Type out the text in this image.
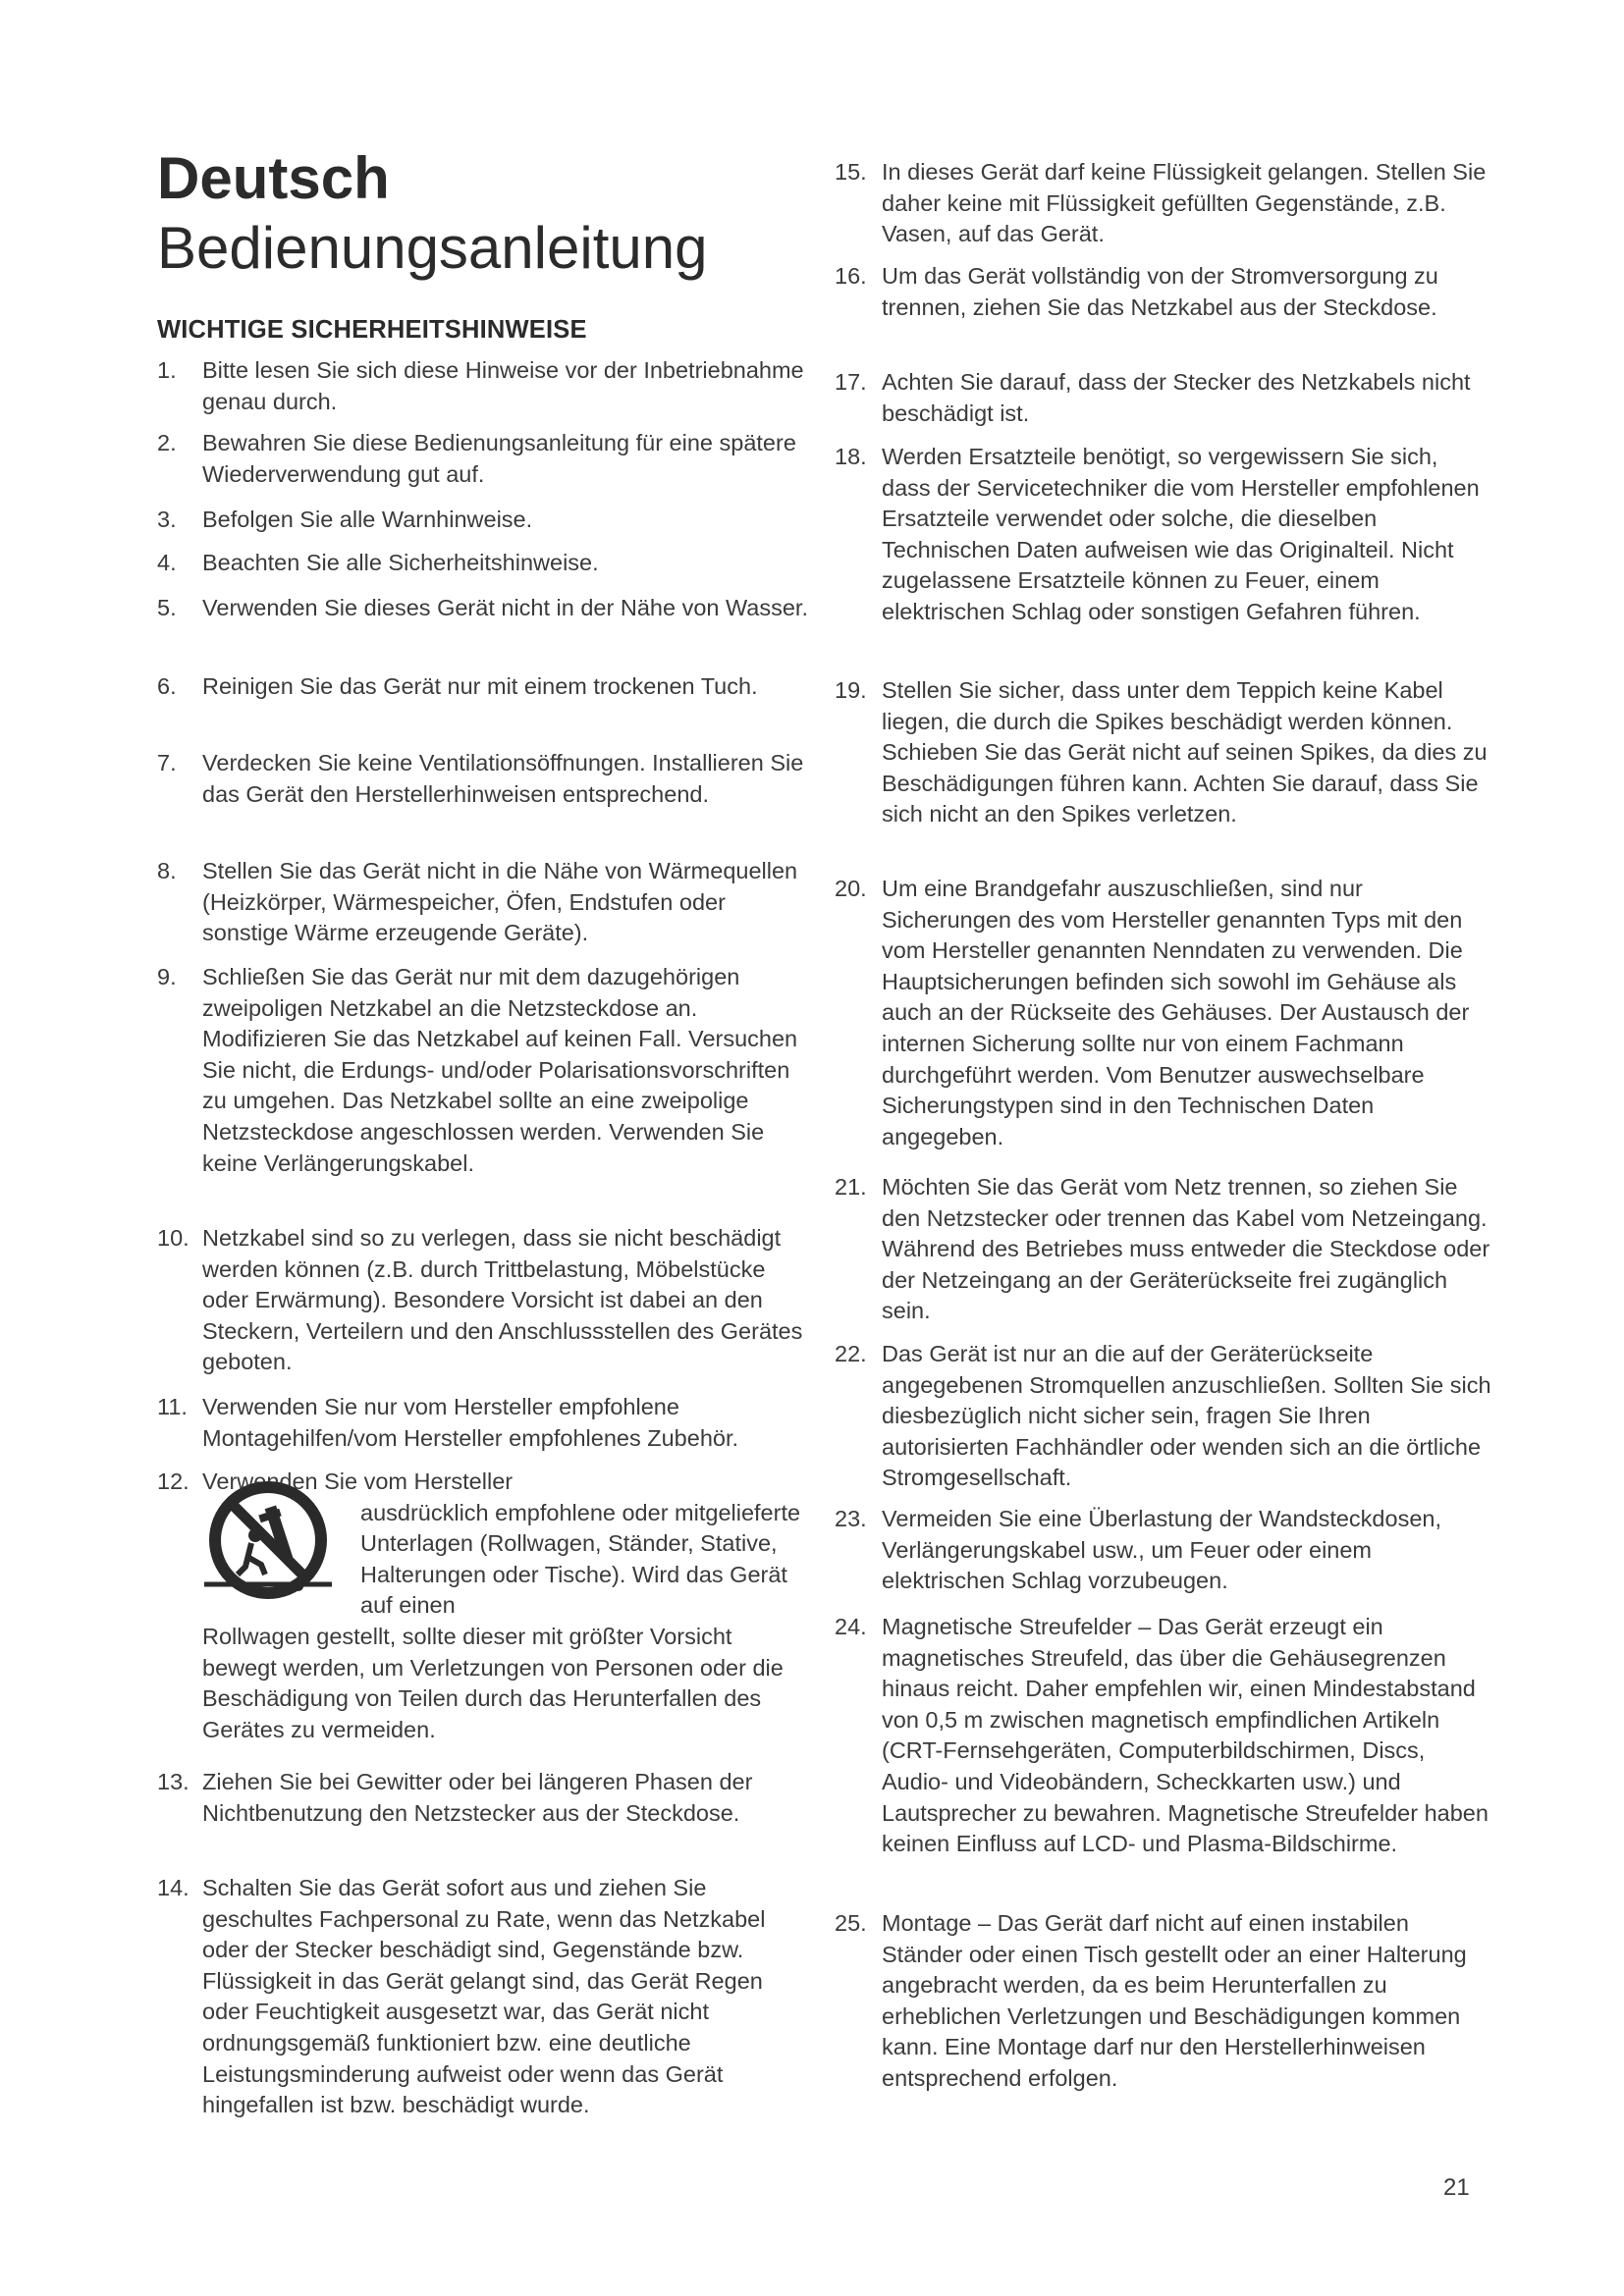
Deutsch
Bedienungsanleitung
WICHTIGE SICHERHEITSHINWEISE
1.	Bitte lesen Sie sich diese Hinweise vor der Inbetriebnahme genau durch.
2.	Bewahren Sie diese Bedienungsanleitung für eine spätere Wiederverwendung gut auf.
3.	Befolgen Sie alle Warnhinweise.
4.	Beachten Sie alle Sicherheitshinweise.
5.	Verwenden Sie dieses Gerät nicht in der Nähe von Wasser.
6.	Reinigen Sie das Gerät nur mit einem trockenen Tuch.
7.	Verdecken Sie keine Ventilationsöffnungen. Installieren Sie das Gerät den Herstellerhinweisen entsprechend.
8.	Stellen Sie das Gerät nicht in die Nähe von Wärmequellen (Heizkörper, Wärmespeicher, Öfen, Endstufen oder sonstige Wärme erzeugende Geräte).
9.	Schließen Sie das Gerät nur mit dem dazugehörigen zweipoligen Netzkabel an die Netzsteckdose an. Modifizieren Sie das Netzkabel auf keinen Fall. Versuchen Sie nicht, die Erdungs- und/oder Polarisationsvorschriften zu umgehen. Das Netzkabel sollte an eine zweipolige Netzsteckdose angeschlossen werden. Verwenden Sie keine Verlängerungskabel.
10. Netzkabel sind so zu verlegen, dass sie nicht beschädigt werden können (z.B. durch Trittbelastung, Möbelstücke oder Erwärmung). Besondere Vorsicht ist dabei an den Steckern, Verteilern und den Anschlussstellen des Gerätes geboten.
11. Verwenden Sie nur vom Hersteller empfohlene Montagehilfen/vom Hersteller empfohlenes Zubehör.
12. Verwenden Sie vom Hersteller
ausdrücklich empfohlene oder mitgelieferte Unterlagen (Rollwagen, Ständer, Stative, Halterungen oder Tische). Wird das Gerät auf einen
Rollwagen gestellt, sollte dieser mit größter Vorsicht bewegt werden, um Verletzungen von Personen oder die Beschädigung von Teilen durch das Herunterfallen des Gerätes zu vermeiden.
13. Ziehen Sie bei Gewitter oder bei längeren Phasen der Nichtbenutzung den Netzstecker aus der Steckdose.
14. Schalten Sie das Gerät sofort aus und ziehen Sie geschultes Fachpersonal zu Rate, wenn das Netzkabel oder der Stecker beschädigt sind, Gegenstände bzw. Flüssigkeit in das Gerät gelangt sind, das Gerät Regen oder Feuchtigkeit ausgesetzt war, das Gerät nicht ordnungsgemäß funktioniert bzw. eine deutliche Leistungsminderung aufweist oder wenn das Gerät hingefallen ist bzw. beschädigt wurde.
15. In dieses Gerät darf keine Flüssigkeit gelangen. Stellen Sie daher keine mit Flüssigkeit gefüllten Gegenstände, z.B. Vasen, auf das Gerät.
16. Um das Gerät vollständig von der Stromversorgung zu trennen, ziehen Sie das Netzkabel aus der Steckdose.
17. Achten Sie darauf, dass der Stecker des Netzkabels nicht beschädigt ist.
18. Werden Ersatzteile benötigt, so vergewissern Sie sich, dass der Servicetechniker die vom Hersteller empfohlenen Ersatzteile verwendet oder solche, die dieselben Technischen Daten aufweisen wie das Originalteil. Nicht zugelassene Ersatzteile können zu Feuer, einem elektrischen Schlag oder sonstigen Gefahren führen.
19. Stellen Sie sicher, dass unter dem Teppich keine Kabel liegen, die durch die Spikes beschädigt werden können. Schieben Sie das Gerät nicht auf seinen Spikes, da dies zu Beschädigungen führen kann. Achten Sie darauf, dass Sie sich nicht an den Spikes verletzen.
20. Um eine Brandgefahr auszuschließen, sind nur Sicherungen des vom Hersteller genannten Typs mit den vom Hersteller genannten Nenndaten zu verwenden. Die Hauptsicherungen befinden sich sowohl im Gehäuse als auch an der Rückseite des Gehäuses. Der Austausch der internen Sicherung sollte nur von einem Fachmann durchgeführt werden. Vom Benutzer auswechselbare Sicherungstypen sind in den Technischen Daten angegeben.
21. Möchten Sie das Gerät vom Netz trennen, so ziehen Sie den Netzstecker oder trennen das Kabel vom Netzeingang. Während des Betriebes muss entweder die Steckdose oder der Netzeingang an der Geräterückseite frei zugänglich sein.
22. Das Gerät ist nur an die auf der Geräterückseite angegebenen Stromquellen anzuschließen. Sollten Sie sich diesbezüglich nicht sicher sein, fragen Sie Ihren autorisierten Fachhändler oder wenden sich an die örtliche Stromgesellschaft.
23. Vermeiden Sie eine Überlastung der Wandsteckdosen, Verlängerungskabel usw., um Feuer oder einem elektrischen Schlag vorzubeugen.
24. Magnetische Streufelder – Das Gerät erzeugt ein magnetisches Streufeld, das über die Gehäusegrenzen hinaus reicht. Daher empfehlen wir, einen Mindestabstand von 0,5 m zwischen magnetisch empfindlichen Artikeln (CRT-Fernsehgeräten, Computerbildschirmen, Discs, Audio- und Videobändern, Scheckkarten usw.) und Lautsprecher zu bewahren. Magnetische Streufelder haben keinen Einfluss auf LCD- und Plasma-Bildschirme.
25. Montage – Das Gerät darf nicht auf einen instabilen Ständer oder einen Tisch gestellt oder an einer Halterung angebracht werden, da es beim Herunterfallen zu erheblichen Verletzungen und Beschädigungen kommen kann. Eine Montage darf nur den Herstellerhinweisen entsprechend erfolgen.

21
